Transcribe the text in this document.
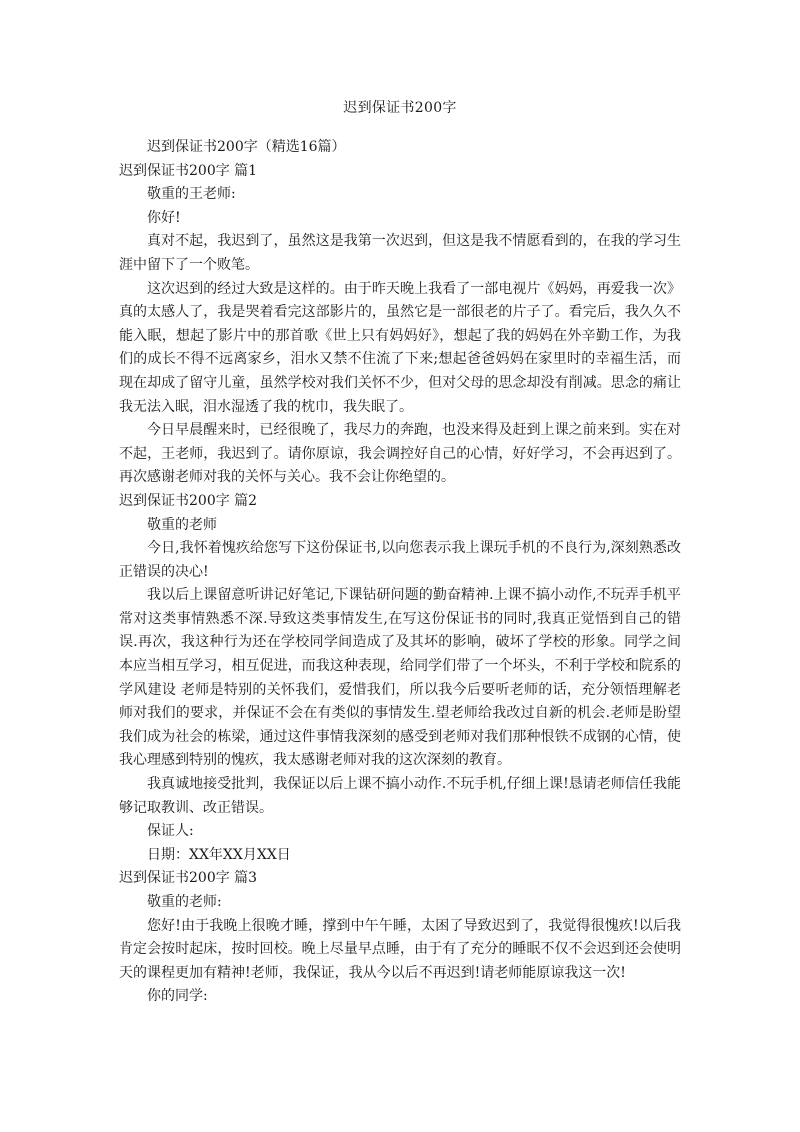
迟到保证书200字

迟到保证书200字（精选16篇）

迟到保证书200字 篇1

敬重的王老师:

你好!

真对不起，我迟到了，虽然这是我第一次迟到，但这是我不情愿看到的，在我的学习生涯中留下了一个败笔。

这次迟到的经过大致是这样的。由于昨天晚上我看了一部电视片《妈妈，再爱我一次》真的太感人了，我是哭着看完这部影片的，虽然它是一部很老的片子了。看完后，我久久不能入眠，想起了影片中的那首歌《世上只有妈妈好》，想起了我的妈妈在外辛勤工作，为我们的成长不得不远离家乡，泪水又禁不住流了下来;想起爸爸妈妈在家里时的幸福生活，而现在却成了留守儿童，虽然学校对我们关怀不少，但对父母的思念却没有削减。思念的痛让我无法入眠，泪水湿透了我的枕巾，我失眠了。

今日早晨醒来时，已经很晚了，我尽力的奔跑，也没来得及赶到上课之前来到。实在对不起，王老师，我迟到了。请你原谅，我会调控好自己的心情，好好学习，不会再迟到了。再次感谢老师对我的关怀与关心。我不会让你绝望的。

迟到保证书200字 篇2

敬重的老师

今日,我怀着愧疚给您写下这份保证书,以向您表示我上课玩手机的不良行为,深刻熟悉改正错误的决心!

我以后上课留意听讲记好笔记,下课钻研问题的勤奋精神.上课不搞小动作,不玩弄手机平常对这类事情熟悉不深.导致这类事情发生,在写这份保证书的同时,我真正觉悟到自己的错误.再次，我这种行为还在学校同学间造成了及其坏的影响，破坏了学校的形象。同学之间本应当相互学习，相互促进，而我这种表现，给同学们带了一个坏头，不利于学校和院系的学风建设 老师是特别的关怀我们，爱惜我们，所以我今后要听老师的话，充分领悟理解老师对我们的要求，并保证不会在有类似的事情发生.望老师给我改过自新的机会.老师是盼望我们成为社会的栋梁，通过这件事情我深刻的感受到老师对我们那种恨铁不成钢的心情，使我心理感到特别的愧疚，我太感谢老师对我的这次深刻的教育。

我真诚地接受批判，我保证以后上课不搞小动作.不玩手机,仔细上课!恳请老师信任我能够记取教训、改正错误。

保证人:

日期：XX年XX月XX日

迟到保证书200字 篇3

敬重的老师:

您好!由于我晚上很晚才睡，撑到中午午睡，太困了导致迟到了，我觉得很愧疚!以后我肯定会按时起床，按时回校。晚上尽量早点睡，由于有了充分的睡眠不仅不会迟到还会使明天的课程更加有精神!老师，我保证，我从今以后不再迟到!请老师能原谅我这一次!

你的同学:
